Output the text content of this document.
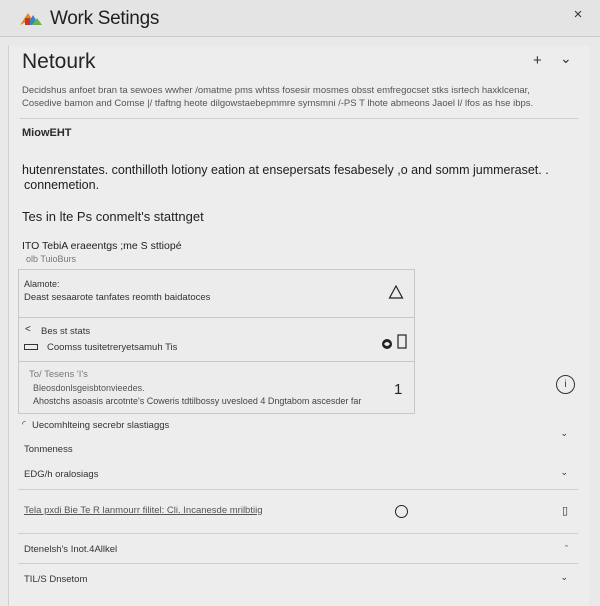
Work Setings	×
Netourk	+ ⌄
Decidshus anfoet bran ta sewoes wwher /omatme pms whtss fosesir mosmes obsst emfregocset stks isrtech haxklcenar,
Cosedive bamon and Comse |/ tfaftng heote dilgowstaebepmmre symsmni /-PS T lhote abmeons Jaoel l/ lfos as hse ibps.
MiowEHT
hutenrenstates. conthilloth lotiony eation at ensepersats fesabesely ,o and somm jummeraset. .
connemetion.
Tes in lte Ps conmelt's stattnget
ITO TebiA eraeentgs ;me S sttiopé
olb TuioBurs
Alamote:
Deast sesaarote tanfates reomth baidatoces
< Bes st stats
Coomss tusitetreryetsamuh Tis
To/ Tesens 'I's
Bleosdonlsgeisbtonvieedes.
Ahostchs asoasis arcotnte's Coweris tdtilbossy uvesloed 4 Dngtabom ascesder far
1	i
Uecomhlteing secrebr slastiaggs
◜
⌄
Tonmeness
EDG/h oralosiags	⌄
Tela pxdi Bie Te R lanmourr filitel: Cli. Incanesde mrilbtiig	▯
Dtenelsh's Inot.4Allkel	ˆ
TIL/S Dnsetom	⌄
